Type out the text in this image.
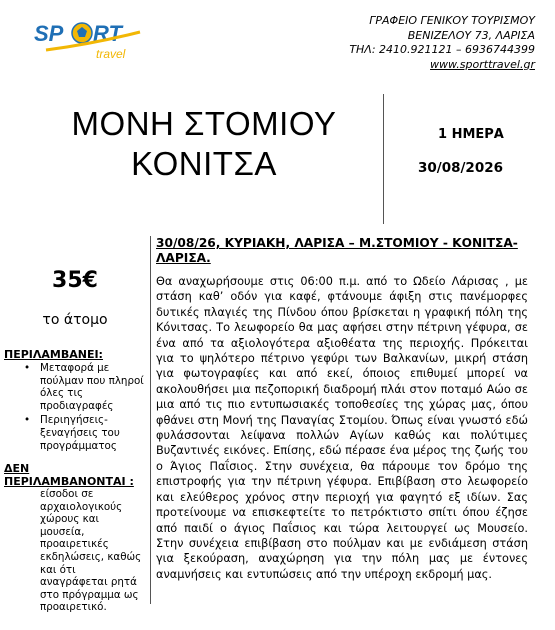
SP RT
travel
ΓΡΑΦΕΙΟ ΓΕΝΙΚΟΥ ΤΟΥΡΙΣΜΟΥ
ΒΕΝΙΖΕΛΟΥ 73, ΛΑΡΙΣΑ
ΤΗΛ: 2410.921121 – 6936744399
www.sporttravel.gr
ΜΟΝΗ ΣΤΟΜΙΟΥ
ΚΟΝΙΤΣΑ
1 ΗΜΕΡΑ
30/08/2026
35€
το άτομο
ΠΕΡΙΛΑΜΒΑΝΕΙ:
• Μεταφορά με πούλμαν που πληροί όλες τις προδιαγραφές
• Περιηγήσεις-ξεναγήσεις του προγράμματος
ΔΕΝ ΠΕΡΙΛΑΜΒΑΝΟΝΤΑΙ :
είσοδοι σε αρχαιολογικούς χώρους και μουσεία, προαιρετικές εκδηλώσεις, καθώς και ότι αναγράφεται ρητά στο πρόγραμμα ως προαιρετικό.
30/08/26, ΚΥΡΙΑΚΗ, ΛΑΡΙΣΑ – Μ.ΣΤΟΜΙΟΥ - ΚΟΝΙΤΣΑ-ΛΑΡΙΣΑ.
Θα αναχωρήσουμε στις 06:00 π.μ. από το Ωδείο Λάρισας , με στάση καθ’ οδόν για καφέ, φτάνουμε άφιξη στις πανέμορφες δυτικές πλαγιές της Πίνδου όπου βρίσκεται η γραφική πόλη της Κόνιτσας. Το λεωφορείο θα μας αφήσει στην πέτρινη γέφυρα, σε ένα από τα αξιολογότερα αξιοθέατα της περιοχής. Πρόκειται για το ψηλότερο πέτρινο γεφύρι των Βαλκανίων, μικρή στάση για φωτογραφίες και από εκεί, όποιος επιθυμεί μπορεί να ακολουθήσει μια πεζοπορική διαδρομή πλάι στον ποταμό Αώο σε μια από τις πιο εντυπωσιακές τοποθεσίες της χώρας μας, όπου φθάνει στη Μονή της Παναγίας Στομίου. Όπως είναι γνωστό εδώ φυλάσσονται λείψανα πολλών Αγίων καθώς και πολύτιμες Βυζαντινές εικόνες. Επίσης, εδώ πέρασε ένα μέρος της ζωής του ο Άγιος Παΐσιος. Στην συνέχεια, θα πάρουμε τον δρόμο της επιστροφής για την πέτρινη γέφυρα. Επιβίβαση στο λεωφορείο και ελεύθερος χρόνος στην περιοχή για φαγητό εξ ιδίων. Σας προτείνουμε να επισκεφτείτε το πετρόκτιστο σπίτι όπου έζησε από παιδί ο άγιος Παΐσιος και τώρα λειτουργεί ως Μουσείο. Στην συνέχεια επιβίβαση στο πούλμαν και με ενδιάμεση στάση για ξεκούραση, αναχώρηση για την πόλη μας με έντονες αναμνήσεις και εντυπώσεις από την υπέροχη εκδρομή μας.
